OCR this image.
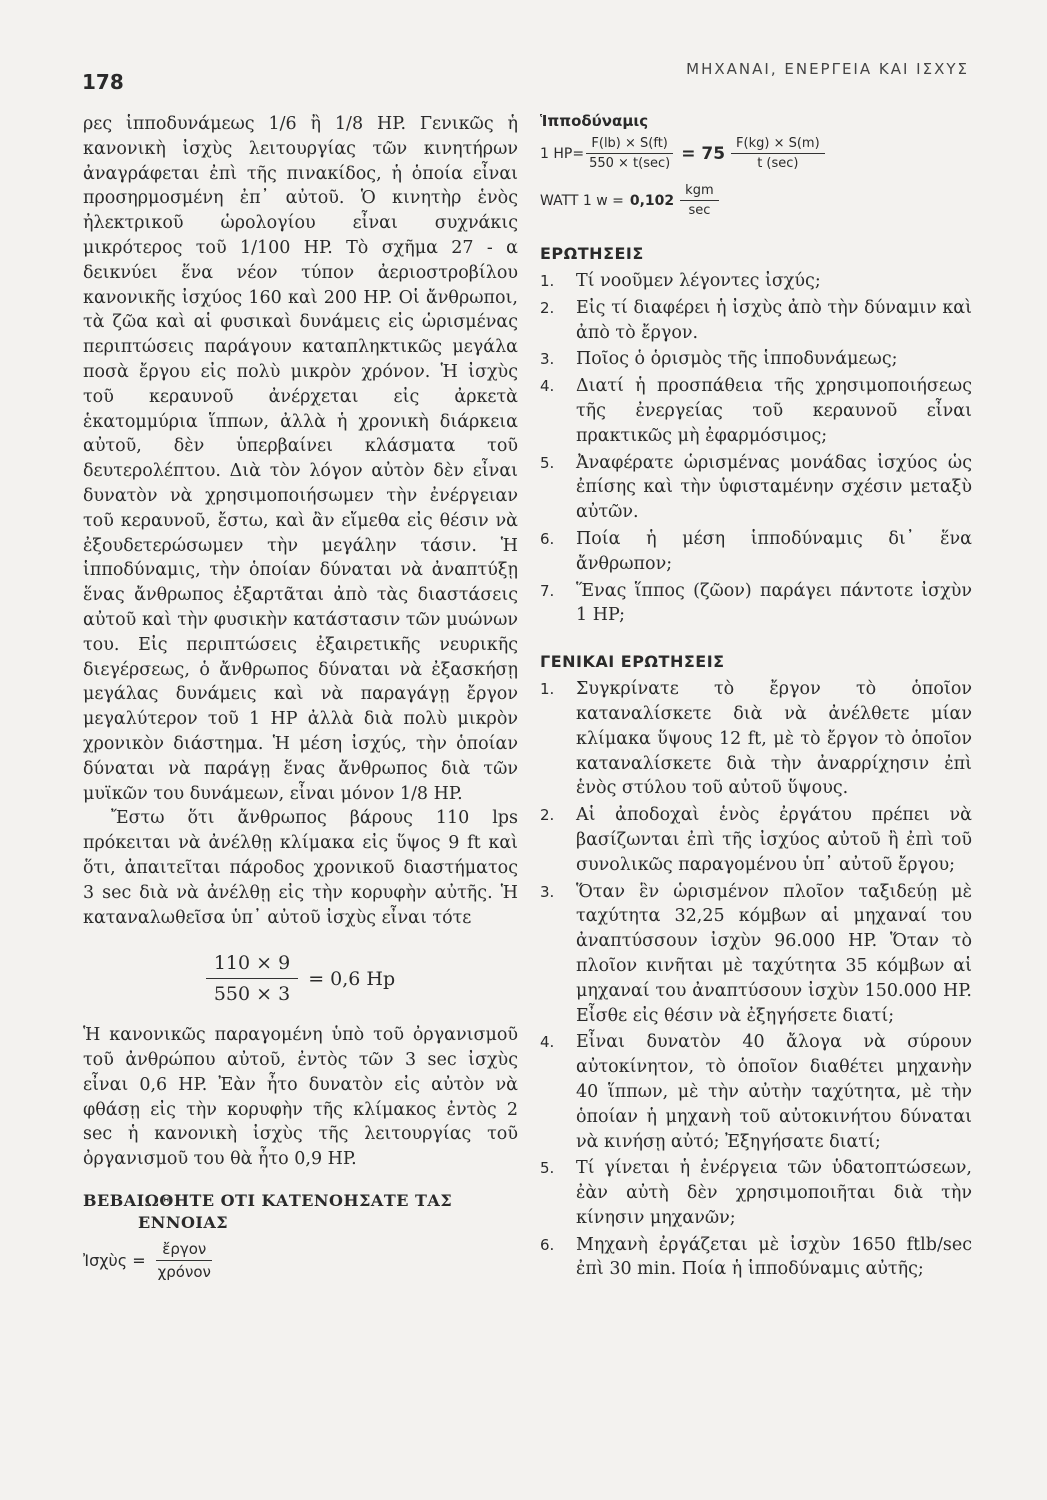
178
ΜΗΧΑΝΑΙ, ΕΝΕΡΓΕΙΑ ΚΑΙ ΙΣΧΥΣ

ρες ἱπποδυνάμεως 1/6 ἢ 1/8 HP. Γενικῶς ἡ κανονικὴ ἰσχὺς λειτουργίας τῶν κινητήρων ἀναγράφεται ἐπὶ τῆς πινακίδος, ἡ ὁποία εἶναι προσηρμοσμένη ἐπ᾽ αὐτοῦ. Ὁ κινητὴρ ἑνὸς ἠλεκτρικοῦ ὡρολογίου εἶναι συχνάκις μικρότερος τοῦ 1/100 HP. Τὸ σχῆμα 27 - α δεικνύει ἕνα νέον τύπον ἀεριοστροβίλου κανονικῆς ἰσχύος 160 καὶ 200 HP. Οἱ ἄνθρωποι, τὰ ζῶα καὶ αἱ φυσικαὶ δυνάμεις εἰς ὡρισμένας περιπτώσεις παράγουν καταπληκτικῶς μεγάλα ποσὰ ἔργου εἰς πολὺ μικρὸν χρόνον. Ἡ ἰσχὺς τοῦ κεραυνοῦ ἀνέρχεται εἰς ἀρκετὰ ἑκατομμύρια ἵππων, ἀλλὰ ἡ χρονικὴ διάρκεια αὐτοῦ, δὲν ὑπερβαίνει κλάσματα τοῦ δευτερολέπτου. Διὰ τὸν λόγον αὐτὸν δὲν εἶναι δυνατὸν νὰ χρησιμοποιήσωμεν τὴν ἐνέργειαν τοῦ κεραυνοῦ, ἔστω, καὶ ἂν εἴμεθα εἰς θέσιν νὰ ἐξουδετερώσωμεν τὴν μεγάλην τάσιν. Ἡ ἱπποδύναμις, τὴν ὁποίαν δύναται νὰ ἀναπτύξῃ ἕνας ἄνθρωπος ἐξαρτᾶται ἀπὸ τὰς διαστάσεις αὐτοῦ καὶ τὴν φυσικὴν κατάστασιν τῶν μυώνων του. Εἰς περιπτώσεις ἐξαιρετικῆς νευρικῆς διεγέρσεως, ὁ ἄνθρωπος δύναται νὰ ἐξασκήσῃ μεγάλας δυνάμεις καὶ νὰ παραγάγῃ ἔργον μεγαλύτερον τοῦ 1 HP ἀλλὰ διὰ πολὺ μικρὸν χρονικὸν διάστημα. Ἡ μέση ἰσχύς, τὴν ὁποίαν δύναται νὰ παράγῃ ἕνας ἄνθρωπος διὰ τῶν μυϊκῶν του δυνάμεων, εἶναι μόνον 1/8 HP.

Ἔστω ὅτι ἄνθρωπος βάρους 110 lps πρόκειται νὰ ἀνέλθῃ κλίμακα εἰς ὕψος 9 ft καὶ ὅτι, ἀπαιτεῖται πάροδος χρονικοῦ διαστήματος 3 sec διὰ νὰ ἀνέλθῃ εἰς τὴν κορυφὴν αὐτῆς. Ἡ καταναλωθεῖσα ὑπ᾽ αὐτοῦ ἰσχὺς εἶναι τότε

$\frac{110 \times 9}{550 \times 3} = 0,6$ Hp

Ἡ κανονικῶς παραγομένη ὑπὸ τοῦ ὀργανισμοῦ τοῦ ἀνθρώπου αὐτοῦ, ἐντὸς τῶν 3 sec ἰσχὺς εἶναι 0,6 HP. Ἐὰν ἦτο δυνατὸν εἰς αὐτὸν νὰ φθάσῃ εἰς τὴν κορυφὴν τῆς κλίμακος ἐντὸς 2 sec ἡ κανονικὴ ἰσχὺς τῆς λειτουργίας τοῦ ὀργανισμοῦ του θὰ ἦτο 0,9 HP.

ΒΕΒΑΙΩΘΗΤΕ ΟΤΙ ΚΑΤΕΝΟΗΣΑΤΕ ΤΑΣ
ΕΝΝΟΙΑΣ
Ἰσχὺς = $\frac{\text{ἔργον}}{\text{χρόνον}}$
Ἱπποδύναμις
1 $HP= \frac{F(lb) \times S(ft)}{550 \times t(\sec)} = 75 \frac{F(kg) \times S(m)}{t (\sec)}$
WATT 1 $w = 0,102 \frac{\text{kgm}}{\sec}$
ΕΡΩΤΗΣΕΙΣ
1.	Τί νοοῦμεν λέγοντες ἰσχύς;
2.	Εἰς τί διαφέρει ἡ ἰσχὺς ἀπὸ τὴν δύναμιν καὶ ἀπὸ τὸ ἔργον.
3.	Ποῖος ὁ ὁρισμὸς τῆς ἱπποδυνάμεως;
4.	Διατί ἡ προσπάθεια τῆς χρησιμοποιήσεως τῆς ἐνεργείας τοῦ κεραυνοῦ εἶναι πρακτικῶς μὴ ἐφαρμόσιμος;
5.	Ἀναφέρατε ὡρισμένας μονάδας ἰσχύος ὡς ἐπίσης καὶ τὴν ὑφισταμένην σχέσιν μεταξὺ αὐτῶν.
6.	Ποία ἡ μέση ἱπποδύναμις δι᾽ ἕνα ἄνθρωπον;
7.	Ἕνας ἵππος (ζῶον) παράγει πάντοτε ἰσχὺν 1 HP;
ΓΕΝΙΚΑΙ ΕΡΩΤΗΣΕΙΣ
1.	Συγκρίνατε τὸ ἔργον τὸ ὁποῖον καταναλίσκετε διὰ νὰ ἀνέλθετε μίαν κλίμακα ὕψους 12 ft, μὲ τὸ ἔργον τὸ ὁποῖον καταναλίσκετε διὰ τὴν ἀναρρίχησιν ἐπὶ ἑνὸς στύλου τοῦ αὐτοῦ ὕψους.
2.	Αἱ ἀποδοχαὶ ἑνὸς ἐργάτου πρέπει νὰ βασίζωνται ἐπὶ τῆς ἰσχύος αὐτοῦ ἢ ἐπὶ τοῦ συνολικῶς παραγομένου ὑπ᾽ αὐτοῦ ἔργου;
3.	Ὅταν ἓν ὡρισμένον πλοῖον ταξιδεύῃ μὲ ταχύτητα 32,25 κόμβων αἱ μηχαναί του ἀναπτύσσουν ἰσχὺν 96.000 HP. Ὅταν τὸ πλοῖον κινῆται μὲ ταχύτητα 35 κόμβων αἱ μηχαναί του ἀναπτύσουν ἰσχὺν 150.000 HP. Εἶσθε εἰς θέσιν νὰ ἐξηγήσετε διατί;
4.	Εἶναι δυνατὸν 40 ἄλογα νὰ σύρουν αὐτοκίνητον, τὸ ὁποῖον διαθέτει μηχανὴν 40 ἵππων, μὲ τὴν αὐτὴν ταχύτητα, μὲ τὴν ὁποίαν ἡ μηχανὴ τοῦ αὐτοκινήτου δύναται νὰ κινήσῃ αὐτό; Ἐξηγήσατε διατί;
5.	Τί γίνεται ἡ ἐνέργεια τῶν ὑδατοπτώσεων, ἐὰν αὐτὴ δὲν χρησιμοποιῆται διὰ τὴν κίνησιν μηχανῶν;
6.	Μηχανὴ ἐργάζεται μὲ ἰσχὺν 1650 ftlb/sec ἐπὶ 30 min. Ποία ἡ ἱπποδύναμις αὐτῆς;
